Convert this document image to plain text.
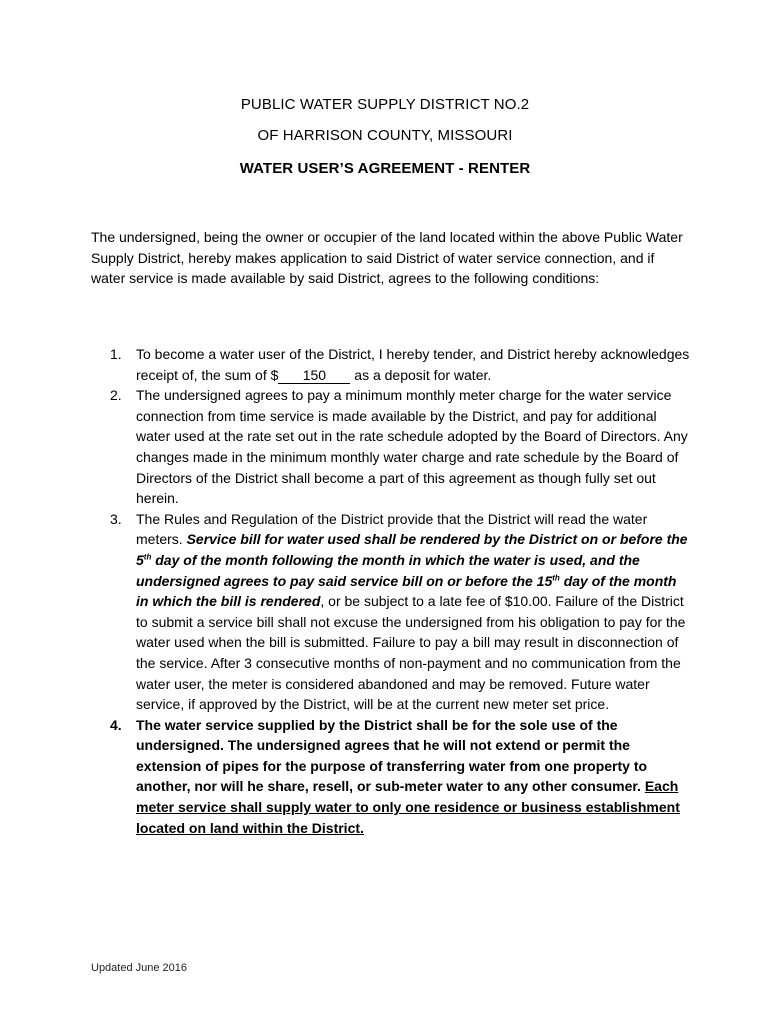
PUBLIC WATER SUPPLY DISTRICT NO.2
OF HARRISON COUNTY, MISSOURI
WATER USER’S AGREEMENT - RENTER

The undersigned, being the owner or occupier of the land located within the above Public Water Supply District, hereby makes application to said District of water service connection, and if water service is made available by said District, agrees to the following conditions:

1. To become a water user of the District, I hereby tender, and District hereby acknowledges receipt of, the sum of $ 150 as a deposit for water.
2. The undersigned agrees to pay a minimum monthly meter charge for the water service connection from time service is made available by the District, and pay for additional water used at the rate set out in the rate schedule adopted by the Board of Directors. Any changes made in the minimum monthly water charge and rate schedule by the Board of Directors of the District shall become a part of this agreement as though fully set out herein.
3. The Rules and Regulation of the District provide that the District will read the water meters. Service bill for water used shall be rendered by the District on or before the 5th day of the month following the month in which the water is used, and the undersigned agrees to pay said service bill on or before the 15th day of the month in which the bill is rendered, or be subject to a late fee of $10.00. Failure of the District to submit a service bill shall not excuse the undersigned from his obligation to pay for the water used when the bill is submitted. Failure to pay a bill may result in disconnection of the service. After 3 consecutive months of non-payment and no communication from the water user, the meter is considered abandoned and may be removed. Future water service, if approved by the District, will be at the current new meter set price.
4. The water service supplied by the District shall be for the sole use of the undersigned. The undersigned agrees that he will not extend or permit the extension of pipes for the purpose of transferring water from one property to another, nor will he share, resell, or sub-meter water to any other consumer. Each meter service shall supply water to only one residence or business establishment located on land within the District.
Updated June 2016
